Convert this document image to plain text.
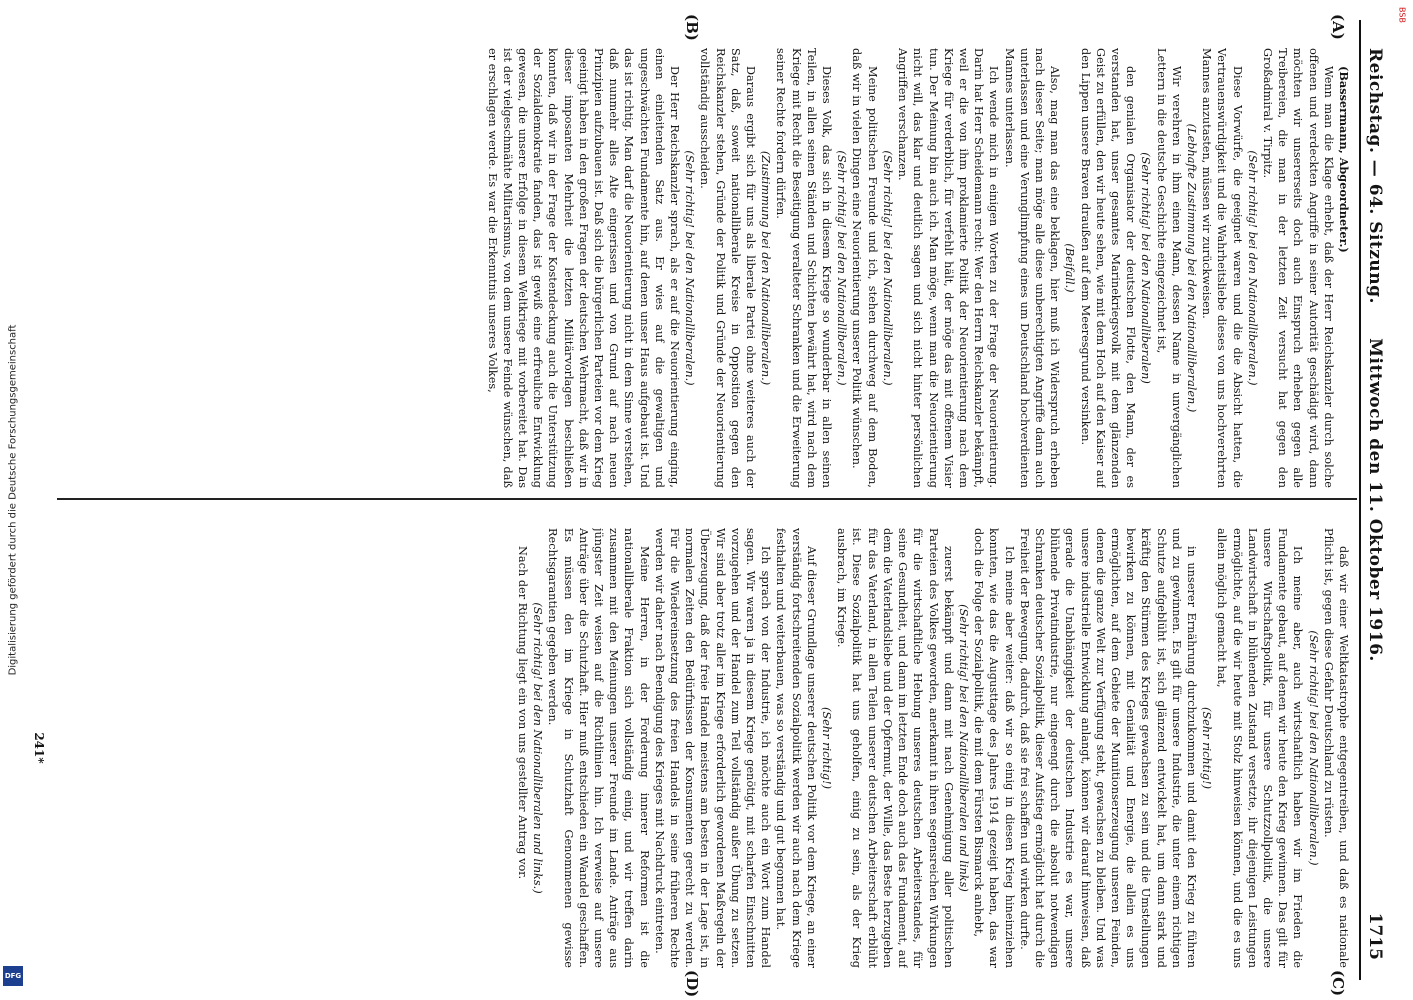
Digitalisierung gefördert durch die Deutsche Forschungsgemeinschaft
DFG
BSB
Reichstag. — 64. Sitzung.
Mittwoch den 11. Oktober 1916.
1715
(A)
(B)
(C)
(D)

(Bassermann, Abgeordneter.)

Wenn man die Klage erhebt, daß der Herr Reichskanzler durch solche offenen und verdeckten Angriffe in seiner Autorität geschädigt wird, dann möchten wir unsererseits doch auch Einspruch erheben gegen alle Treibereien, die man in der letzten Zeit versucht hat gegen den Großadmiral v. Tirpitz.

(Sehr richtig! bei den Nationalliberalen.)

Diese Vorwürfe, die geeignet waren und die die Absicht hatten, die Vertrauenswürdigkeit und die Wahrheitsliebe dieses von uns hochverehrten Mannes anzutasten, müssen wir zurückweisen.

(Lebhafte Zustimmung bei den Nationalliberalen.)

Wir verehren in ihm einen Mann, dessen Name in unvergänglichen Lettern in die deutsche Geschichte eingezeichnet ist,

(Sehr richtig! bei den Nationalliberalen)

den genialen Organisator der deutschen Flotte, den Mann, der es verstanden hat, unser gesamtes Marinekriegsvolk mit dem glänzenden Geist zu erfüllen, den wir heute sehen, wie mit dem Hoch auf den Kaiser auf den Lippen unsere Braven draußen auf dem Meeresgrund versinken.

(Beifall.)

Also, mag man das eine beklagen, hier muß ich Widerspruch erheben nach dieser Seite; man möge alle diese unberechtigten Angriffe dann auch unterlassen und eine Verunglimpfung eines um Deutschland hochverdienten Mannes unterlassen.

Ich wende mich in einigen Worten zu der Frage der Neuorientierung. Darin hat Herr Scheidemann recht: Wer den Herrn Reichskanzler bekämpft, weil er die von ihm proklamierte Politik der Neuorientierung nach dem Kriege für verderblich, für verfehlt hält, der möge das mit offenem Visier tun. Der Meinung bin auch ich. Man möge, wenn man die Neuorientierung nicht will, das klar und deutlich sagen und sich nicht hinter persönlichen Angriffen verschanzen.

(Sehr richtig! bei den Nationalliberalen.)

Meine politischen Freunde und ich, stehen durchweg auf dem Boden, daß wir in vielen Dingen eine Neuorientierung unserer Politik wünschen.

(Sehr richtig! bei den Nationalliberalen.)

Dieses Volk, das sich in diesem Kriege so wunderbar in allen seinen Teilen, in allen seinen Ständen und Schichten bewährt hat, wird nach dem Kriege mit Recht die Beseitigung veralteter Schranken und die Erweiterung seiner Rechte fordern dürfen.

(Zustimmung bei den Nationalliberalen.)

Daraus ergibt sich für uns als liberale Partei ohne weiteres auch der Satz, daß, soweit nationalliberale Kreise in Opposition gegen den Reichskanzler stehen, Gründe der Politik und Gründe der Neuorientierung vollständig ausscheiden.

(Sehr richtig! bei den Nationalliberalen.)

Der Herr Reichskanzler sprach, als er auf die Neuorientierung einging, einen einleitenden Satz aus. Er wies auf die gewaltigen und ungeschwächten Fundamente hin, auf denen unser Haus aufgebaut ist. Und das ist richtig. Man darf die Neuorientierung nicht in dem Sinne verstehen, daß nunmehr alles Alte eingerissen und von Grund auf nach neuen Prinzipien aufzubauen ist. Daß sich die bürgerlichen Parteien vor dem Krieg geeinigt haben in den großen Fragen der deutschen Wehrmacht, daß wir in dieser imposanten Mehrheit die letzten Militärvorlagen beschließen konnten, daß wir in der Frage der Kostendeckung auch die Unterstützung der Sozialdemokratie fanden, das ist gewiß eine erfreuliche Entwicklung gewesen, die unsere Erfolge in diesem Weltkriege mit vorbereitet hat. Das ist der vielgeschmähte Militarismus, von dem unsere Feinde wünschen, daß er erschlagen werde. Es war die Erkenntnis unseres Volkes,

daß wir einer Weltkatastrophe entgegentreiben, und daß es nationale Pflicht ist, gegen diese Gefahr Deutschland zu rüsten.

(Sehr richtig! bei den Nationalliberalen.)

Ich meine aber, auch wirtschaftlich haben wir im Frieden die Fundamente gebaut, auf denen wir heute den Krieg gewinnen. Das gilt für unsere Wirtschaftspolitik, für unsere Schutzzollpolitik, die unsere Landwirtschaft in blühenden Zustand versetzte, ihr diejenigen Leistungen ermöglichte, auf die wir heute mit Stolz hinweisen können, und die es uns allein möglich gemacht hat,

(Sehr richtig!)

in unserer Ernährung durchzukommen und damit den Krieg zu führen und zu gewinnen. Es gilt für unsere Industrie, die unter einem richtigen Schutze aufgeblüht ist, sich glänzend entwickelt hat, um dann stark und kräftig den Stürmen des Krieges gewachsen zu sein und die Umstellungen bewirken zu können, mit Genialität und Energie, die allein es uns ermöglichten, auf dem Gebiete der Munitionserzeugung unseren Feinden, denen die ganze Welt zur Verfügung steht, gewachsen zu bleiben. Und was unsere industrielle Entwicklung anlangt, können wir darauf hinweisen, daß gerade die Unabhängigkeit der deutschen Industrie es war, unsere blühende Privatindustrie, nur eingeengt durch die absolut notwendigen Schranken deutscher Sozialpolitik, dieser Aufstieg ermöglicht hat durch die Freiheit der Bewegung, dadurch, daß sie frei schaffen und wirken durfte.

Ich meine aber weiter: daß wir so einig in diesen Krieg hineinziehen konnten, wie das die Augusttage des Jahres 1914 gezeigt haben, das war doch die Folge der Sozialpolitik, die mit dem Fürsten Bismarck anhebt,

(Sehr richtig! bei den Nationalliberalen und links)

zuerst bekämpft und dann mit nach Genehmigung aller politischen Parteien des Volkes geworden, anerkannt in ihren segensreichen Wirkungen für die wirtschaftliche Hebung unseres deutschen Arbeiterstandes, für seine Gesundheit, und dann im letzten Ende doch auch das Fundament, auf dem die Vaterlandsliebe und der Opfermut, der Wille, das Beste herzugeben für das Vaterland, in allen Teilen unserer deutschen Arbeiterschaft erblüht ist. Diese Sozialpolitik hat uns geholfen, einig zu sein, als der Krieg ausbrach, im Kriege.

(Sehr richtig!)

Auf dieser Grundlage unserer deutschen Politik vor dem Kriege, an einer verständig fortschreitenden Sozialpolitik werden wir auch nach dem Kriege festhalten und weiterbauen, was so verständig und gut begonnen hat.

Ich sprach von der Industrie, ich möchte auch ein Wort zum Handel sagen. Wir waren ja in diesem Kriege genötigt, mit scharfen Einschnitten vorzugehen und der Handel zum Teil vollständig außer Übung zu setzen. Wir sind aber trotz aller im Kriege erforderlich gewordenen Maßregeln der Überzeugung, daß der freie Handel meistens am besten in der Lage ist, in normalen Zeiten den Bedürfnissen der Konsumenten gerecht zu werden. Für die Wiedereinsetzung des freien Handels in seine früheren Rechte werden wir daher nach Beendigung des Krieges mit Nachdruck eintreten.

Meine Herren, in der Forderung innerer Reformen ist die nationalliberale Fraktion sich vollständig einig, und wir treffen darin zusammen mit den Meinungen unserer Freunde im Lande. Anträge aus jüngster Zeit weisen auf die Richtlinien hin. Ich verweise auf unsere Anträge über die Schutzhaft. Hier muß entschieden ein Wandel geschaffen. Es müssen den im Kriege in Schutzhaft Genommenen gewisse Rechtsgarantien gegeben werden.

(Sehr richtig! bei den Nationalliberalen und links.)

Nach der Richtung liegt ein von uns gestellter Antrag vor.

241*
